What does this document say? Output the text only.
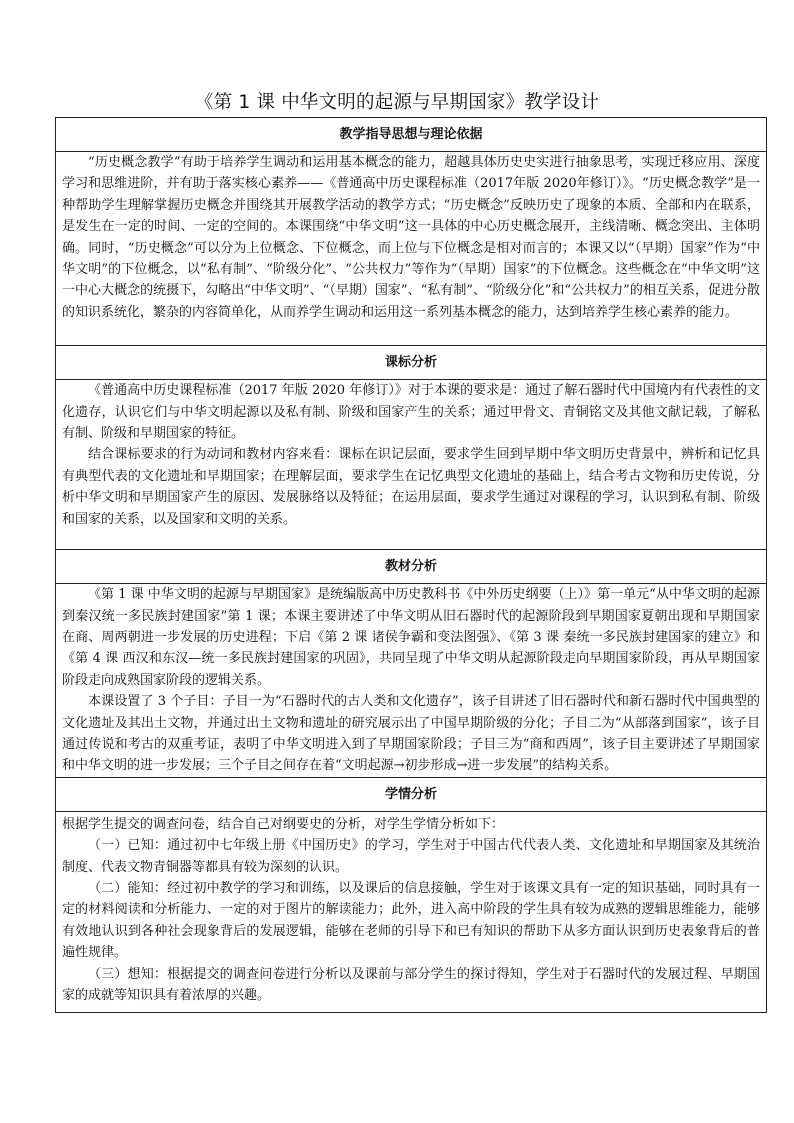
《第 1 课 中华文明的起源与早期国家》教学设计
教学指导思想与理论依据

“历史概念教学”有助于培养学生调动和运用基本概念的能力，超越具体历史史实进行抽象思考，实现迁移应用、深度学习和思维进阶，并有助于落实核心素养——《普通高中历史课程标准（2017年版 2020年修订）》。“历史概念教学”是一种帮助学生理解掌握历史概念并围绕其开展教学活动的教学方式；“历史概念”反映历史了现象的本质、全部和内在联系，是发生在一定的时间、一定的空间的。本课围绕“中华文明”这一具体的中心历史概念展开，主线清晰、概念突出、主体明确。同时，“历史概念”可以分为上位概念、下位概念，而上位与下位概念是相对而言的；本课又以“（早期）国家”作为“中华文明”的下位概念，以“私有制”、“阶级分化”、“公共权力”等作为“（早期）国家”的下位概念。这些概念在“中华文明”这一中心大概念的统摄下，勾略出“中华文明”、“（早期）国家”、“私有制”、“阶级分化”和“公共权力”的相互关系，促进分散的知识系统化，繁杂的内容简单化，从而养学生调动和运用这一系列基本概念的能力，达到培养学生核心素养的能力。

课标分析

《普通高中历史课程标准（2017 年版 2020 年修订）》对于本课的要求是：通过了解石器时代中国境内有代表性的文化遗存，认识它们与中华文明起源以及私有制、阶级和国家产生的关系；通过甲骨文、青铜铭文及其他文献记载，了解私有制、阶级和早期国家的特征。

结合课标要求的行为动词和教材内容来看：课标在识记层面，要求学生回到早期中华文明历史背景中，辨析和记忆具有典型代表的文化遗址和早期国家；在理解层面，要求学生在记忆典型文化遗址的基础上，结合考古文物和历史传说，分析中华文明和早期国家产生的原因、发展脉络以及特征；在运用层面，要求学生通过对课程的学习，认识到私有制、阶级和国家的关系，以及国家和文明的关系。

教材分析

《第 1 课 中华文明的起源与早期国家》是统编版高中历史教科书《中外历史纲要（上）》第一单元“从中华文明的起源到秦汉统一多民族封建国家”第 1 课；本课主要讲述了中华文明从旧石器时代的起源阶段到早期国家夏朝出现和早期国家在商、周两朝进一步发展的历史进程；下启《第 2 课 诸侯争霸和变法图强》、《第 3 课 秦统一多民族封建国家的建立》和《第 4 课 西汉和东汉—统一多民族封建国家的巩固》，共同呈现了中华文明从起源阶段走向早期国家阶段，再从早期国家阶段走向成熟国家阶段的逻辑关系。

本课设置了 3 个子目：子目一为“石器时代的古人类和文化遗存”，该子目讲述了旧石器时代和新石器时代中国典型的文化遗址及其出土文物，并通过出土文物和遗址的研究展示出了中国早期阶级的分化；子目二为“从部落到国家”，该子目通过传说和考古的双重考证，表明了中华文明进入到了早期国家阶段；子目三为“商和西周”，该子目主要讲述了早期国家和中华文明的进一步发展；三个子目之间存在着“文明起源→初步形成→进一步发展”的结构关系。

学情分析

根据学生提交的调查问卷，结合自己对纲要史的分析，对学生学情分析如下：

（一）已知：通过初中七年级上册《中国历史》的学习，学生对于中国古代代表人类、文化遗址和早期国家及其统治制度、代表文物青铜器等都具有较为深刻的认识。

（二）能知：经过初中教学的学习和训练，以及课后的信息接触，学生对于该课文具有一定的知识基础，同时具有一定的材料阅读和分析能力、一定的对于图片的解读能力；此外，进入高中阶段的学生具有较为成熟的逻辑思维能力，能够有效地认识到各种社会现象背后的发展逻辑，能够在老师的引导下和已有知识的帮助下从多方面认识到历史表象背后的普遍性规律。

（三）想知：根据提交的调查问卷进行分析以及课前与部分学生的探讨得知，学生对于石器时代的发展过程、早期国家的成就等知识具有着浓厚的兴趣。
